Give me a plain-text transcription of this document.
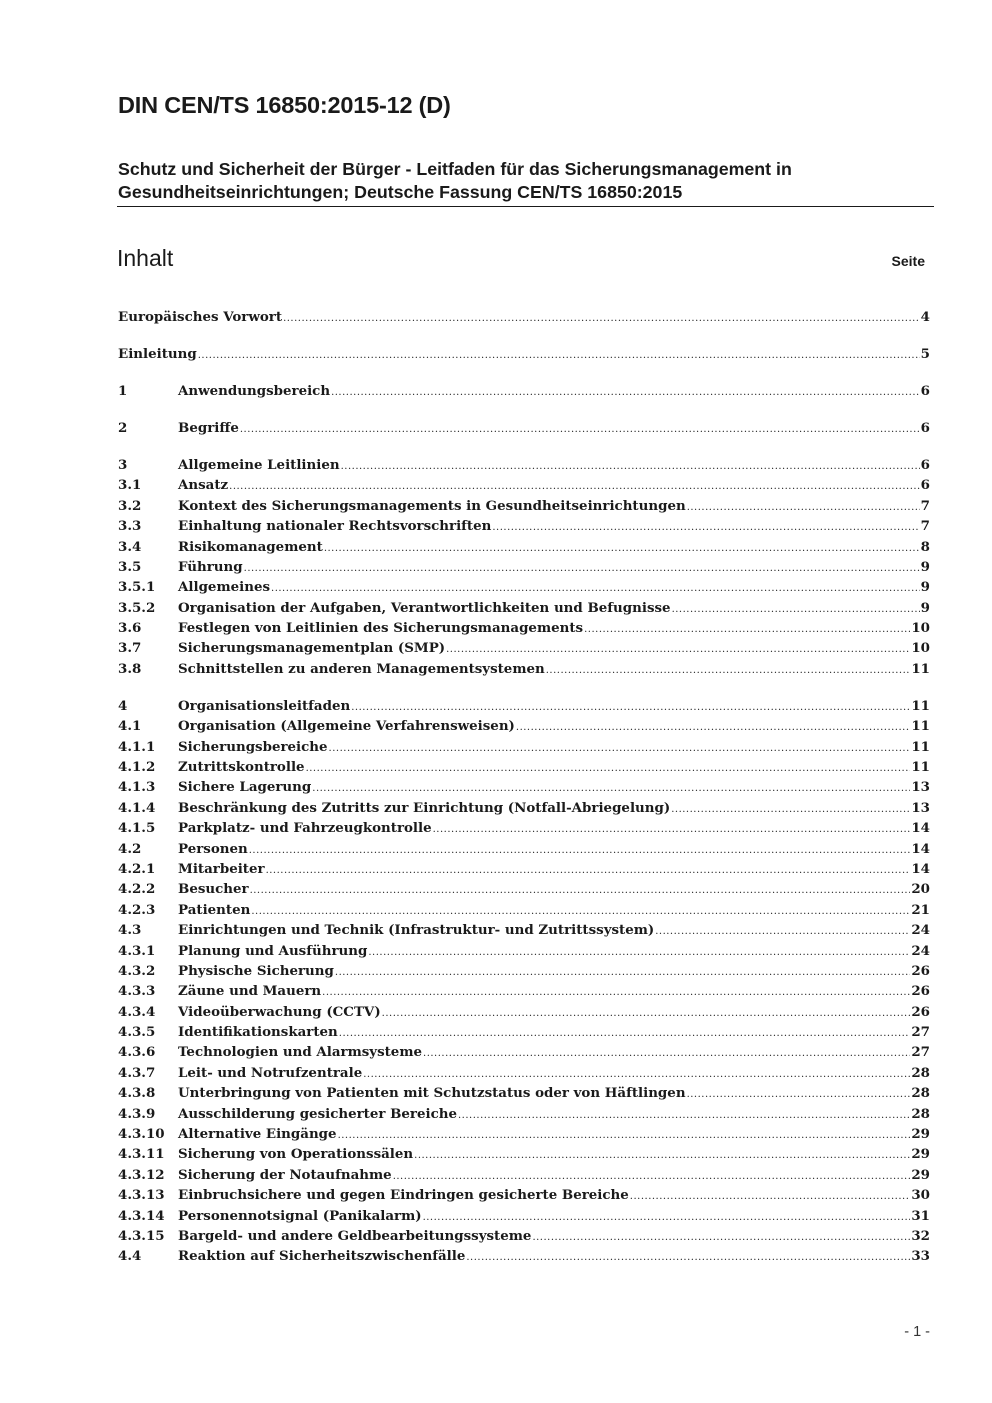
DIN CEN/TS 16850:2015-12 (D)
Schutz und Sicherheit der Bürger - Leitfaden für das Sicherungsmanagement in
Gesundheitseinrichtungen; Deutsche Fassung CEN/TS 16850:2015
Inhalt	Seite
Europäisches Vorwort .....	4
Einleitung .....	5
1	Anwendungsbereich .....	6
2	Begriffe .....	6
3	Allgemeine Leitlinien .....	6
3.1	Ansatz .....	6
3.2	Kontext des Sicherungsmanagements in Gesundheitseinrichtungen .....	7
3.3	Einhaltung nationaler Rechtsvorschriften .....	7
3.4	Risikomanagement .....	8
3.5	Führung .....	9
3.5.1	Allgemeines .....	9
3.5.2	Organisation der Aufgaben, Verantwortlichkeiten und Befugnisse .....	9
3.6	Festlegen von Leitlinien des Sicherungsmanagements .....	10
3.7	Sicherungsmanagementplan (SMP) .....	10
3.8	Schnittstellen zu anderen Managementsystemen .....	11
4	Organisationsleitfaden .....	11
4.1	Organisation (Allgemeine Verfahrensweisen) .....	11
4.1.1	Sicherungsbereiche .....	11
4.1.2	Zutrittskontrolle .....	11
4.1.3	Sichere Lagerung .....	13
4.1.4	Beschränkung des Zutritts zur Einrichtung (Notfall-Abriegelung) .....	13
4.1.5	Parkplatz- und Fahrzeugkontrolle .....	14
4.2	Personen .....	14
4.2.1	Mitarbeiter .....	14
4.2.2	Besucher .....	20
4.2.3	Patienten .....	21
4.3	Einrichtungen und Technik (Infrastruktur- und Zutrittssystem) .....	24
4.3.1	Planung und Ausführung .....	24
4.3.2	Physische Sicherung .....	26
4.3.3	Zäune und Mauern .....	26
4.3.4	Videoüberwachung (CCTV) .....	26
4.3.5	Identifikationskarten .....	27
4.3.6	Technologien und Alarmsysteme .....	27
4.3.7	Leit- und Notrufzentrale .....	28
4.3.8	Unterbringung von Patienten mit Schutzstatus oder von Häftlingen .....	28
4.3.9	Ausschilderung gesicherter Bereiche .....	28
4.3.10	Alternative Eingänge .....	29
4.3.11	Sicherung von Operationssälen .....	29
4.3.12	Sicherung der Notaufnahme .....	29
4.3.13	Einbruchsichere und gegen Eindringen gesicherte Bereiche .....	30
4.3.14	Personennotsignal (Panikalarm) .....	31
4.3.15	Bargeld- und andere Geldbearbeitungssysteme .....	32
4.4	Reaktion auf Sicherheitszwischenfälle .....	33
- 1 -
